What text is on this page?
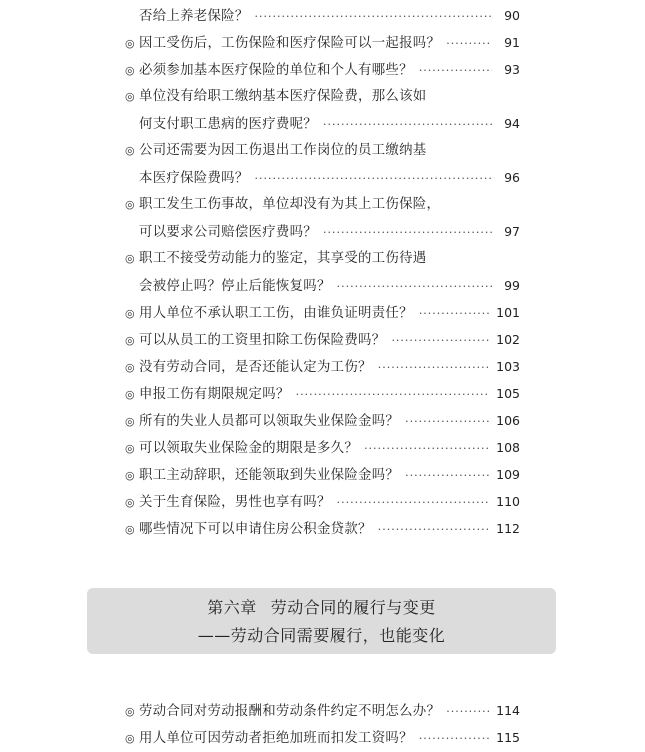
否给上养老保险？ ·····	90
◎ 因工受伤后，工伤保险和医疗保险可以一起报吗？ ·····	91
◎ 必须参加基本医疗保险的单位和个人有哪些？ ·····	93
◎ 单位没有给职工缴纳基本医疗保险费，那么该如
何支付职工患病的医疗费呢？ ·····	94
◎ 公司还需要为因工伤退出工作岗位的员工缴纳基
本医疗保险费吗？ ·····	96
◎ 职工发生工伤事故，单位却没有为其上工伤保险，
可以要求公司赔偿医疗费吗？ ·····	97
◎ 职工不接受劳动能力的鉴定，其享受的工伤待遇
会被停止吗？停止后能恢复吗？ ·····	99
◎ 用人单位不承认职工工伤，由谁负证明责任？ ·····	101
◎ 可以从员工的工资里扣除工伤保险费吗？ ·····	102
◎ 没有劳动合同，是否还能认定为工伤？ ·····	103
◎ 申报工伤有期限规定吗？ ·····	105
◎ 所有的失业人员都可以领取失业保险金吗？ ·····	106
◎ 可以领取失业保险金的期限是多久？ ·····	108
◎ 职工主动辞职，还能领取到失业保险金吗？ ·····	109
◎ 关于生育保险，男性也享有吗？ ·····	110
◎ 哪些情况下可以申请住房公积金贷款？ ·····	112
第六章 劳动合同的履行与变更
——劳动合同需要履行，也能变化
◎ 劳动合同对劳动报酬和劳动条件约定不明怎么办？ ·····	114
◎ 用人单位可因劳动者拒绝加班而扣发工资吗？ ·····	115
